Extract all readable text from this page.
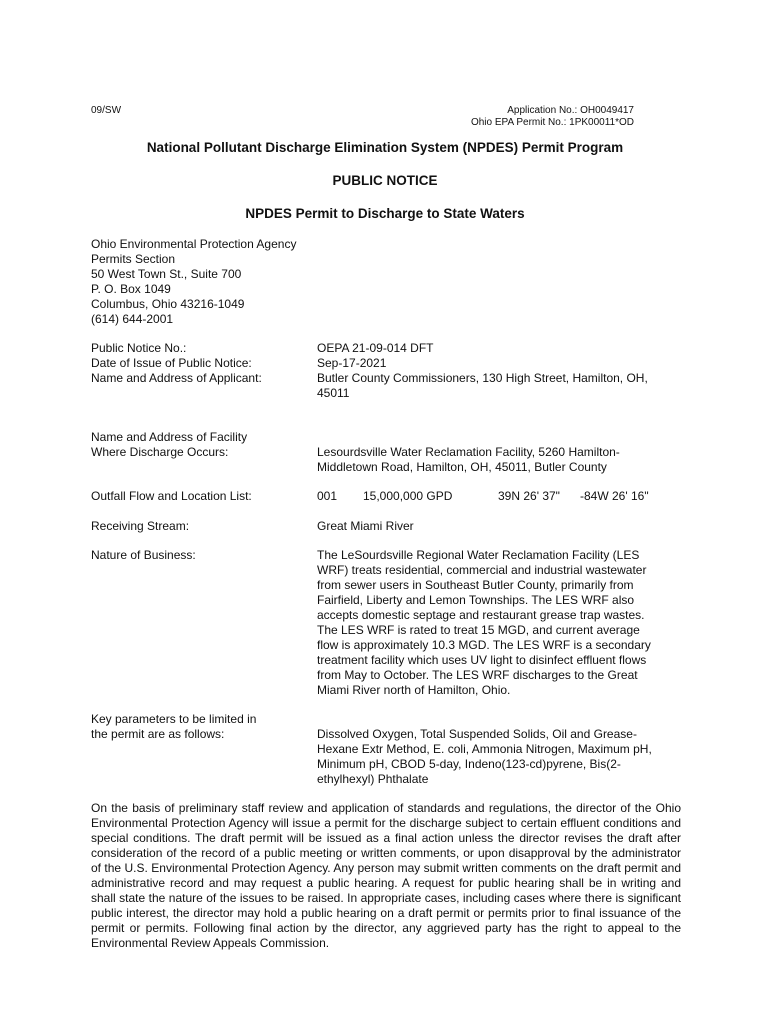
09/SW	Application No.: OH0049417
Ohio EPA Permit No.: 1PK00011*OD
National Pollutant Discharge Elimination System (NPDES) Permit Program
PUBLIC NOTICE
NPDES Permit to Discharge to State Waters
Ohio Environmental Protection Agency
Permits Section
50 West Town St., Suite 700
P. O. Box 1049
Columbus, Ohio 43216-1049
(614) 644-2001
Public Notice No.:	OEPA 21-09-014 DFT
Date of Issue of Public Notice:	Sep-17-2021
Name and Address of Applicant:	Butler County Commissioners, 130 High Street, Hamilton, OH, 45011
Name and Address of Facility Where Discharge Occurs:	Lesourdsville Water Reclamation Facility, 5260 Hamilton-Middletown Road, Hamilton, OH, 45011, Butler County
Outfall Flow and Location List:	001 15,000,000 GPD	39N 26' 37" -84W 26' 16"
Receiving Stream:	Great Miami River
Nature of Business:	The LeSourdsville Regional Water Reclamation Facility (LES WRF) treats residential, commercial and industrial wastewater from sewer users in Southeast Butler County, primarily from Fairfield, Liberty and Lemon Townships. The LES WRF also accepts domestic septage and restaurant grease trap wastes. The LES WRF is rated to treat 15 MGD, and current average flow is approximately 10.3 MGD. The LES WRF is a secondary treatment facility which uses UV light to disinfect effluent flows from May to October. The LES WRF discharges to the Great Miami River north of Hamilton, Ohio.
Key parameters to be limited in the permit are as follows:	Dissolved Oxygen, Total Suspended Solids, Oil and Grease-Hexane Extr Method, E. coli, Ammonia Nitrogen, Maximum pH, Minimum pH, CBOD 5-day, Indeno(123-cd)pyrene, Bis(2-ethylhexyl) Phthalate
On the basis of preliminary staff review and application of standards and regulations, the director of the Ohio Environmental Protection Agency will issue a permit for the discharge subject to certain effluent conditions and special conditions. The draft permit will be issued as a final action unless the director revises the draft after consideration of the record of a public meeting or written comments, or upon disapproval by the administrator of the U.S. Environmental Protection Agency. Any person may submit written comments on the draft permit and administrative record and may request a public hearing. A request for public hearing shall be in writing and shall state the nature of the issues to be raised. In appropriate cases, including cases where there is significant public interest, the director may hold a public hearing on a draft permit or permits prior to final issuance of the permit or permits. Following final action by the director, any aggrieved party has the right to appeal to the Environmental Review Appeals Commission.
